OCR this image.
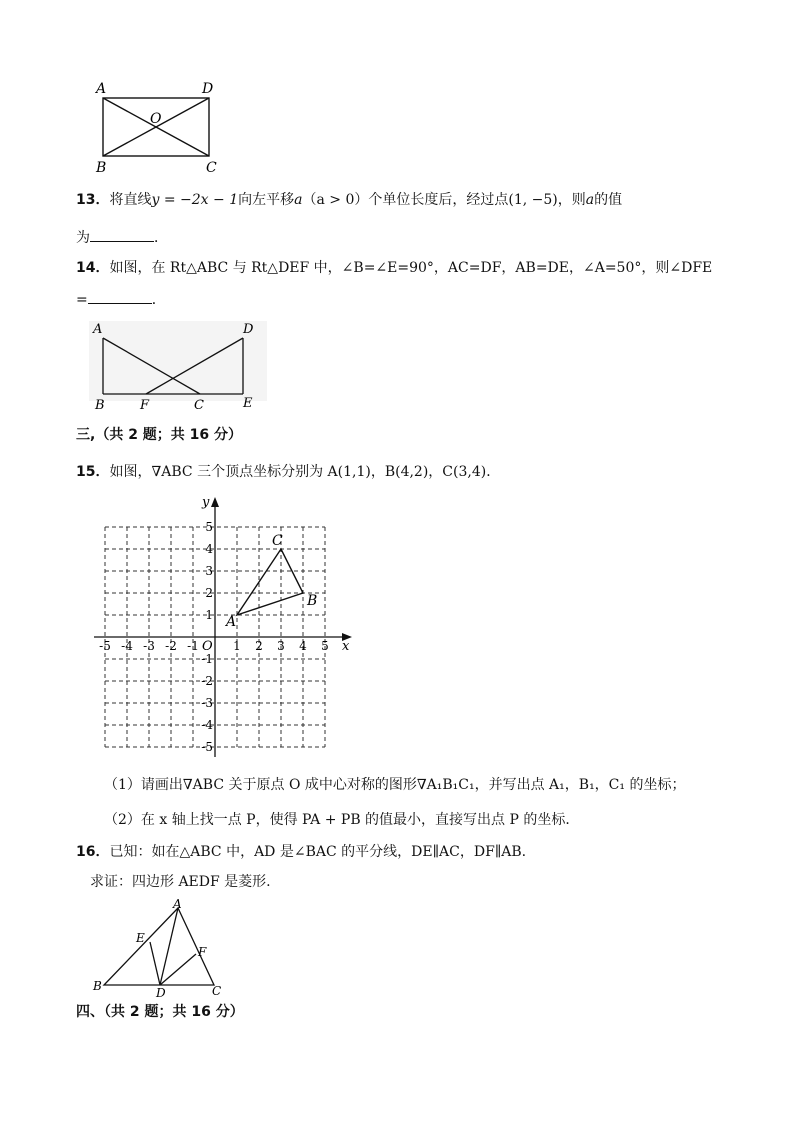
A	D
O
B	C
13．将直线y = −2x − 1向左平移a（a > 0）个单位长度后，经过点(1, −5)，则a的值
为	．
14．如图，在 Rt△ABC 与 Rt△DEF 中，∠B=∠E=90°，AC=DF，AB=DE，∠A=50°，则∠DFE
=	．
A	D
B	F	C	E
三,（共 2 题；共 16 分）
15．如图，∇ABC 三个顶点坐标分别为 A(1,1)，B(4,2)，C(3,4)．
x
y
O
-5 -4 -3 -2 -1	1 2 3 4 5
5
4
3
2
1
-1
-2
-3
-4
-5
A
B
C
（1）请画出∇ABC 关于原点 O 成中心对称的图形∇A₁B₁C₁，并写出点 A₁，B₁，C₁ 的坐标；
（2）在 x 轴上找一点 P，使得 PA + PB 的值最小，直接写出点 P 的坐标．
16．已知：如在△ABC 中，AD 是∠BAC 的平分线，DE∥AC，DF∥AB.
求证：四边形 AEDF 是菱形.
A
E
F
B	D	C
四、（共 2 题；共 16 分）
